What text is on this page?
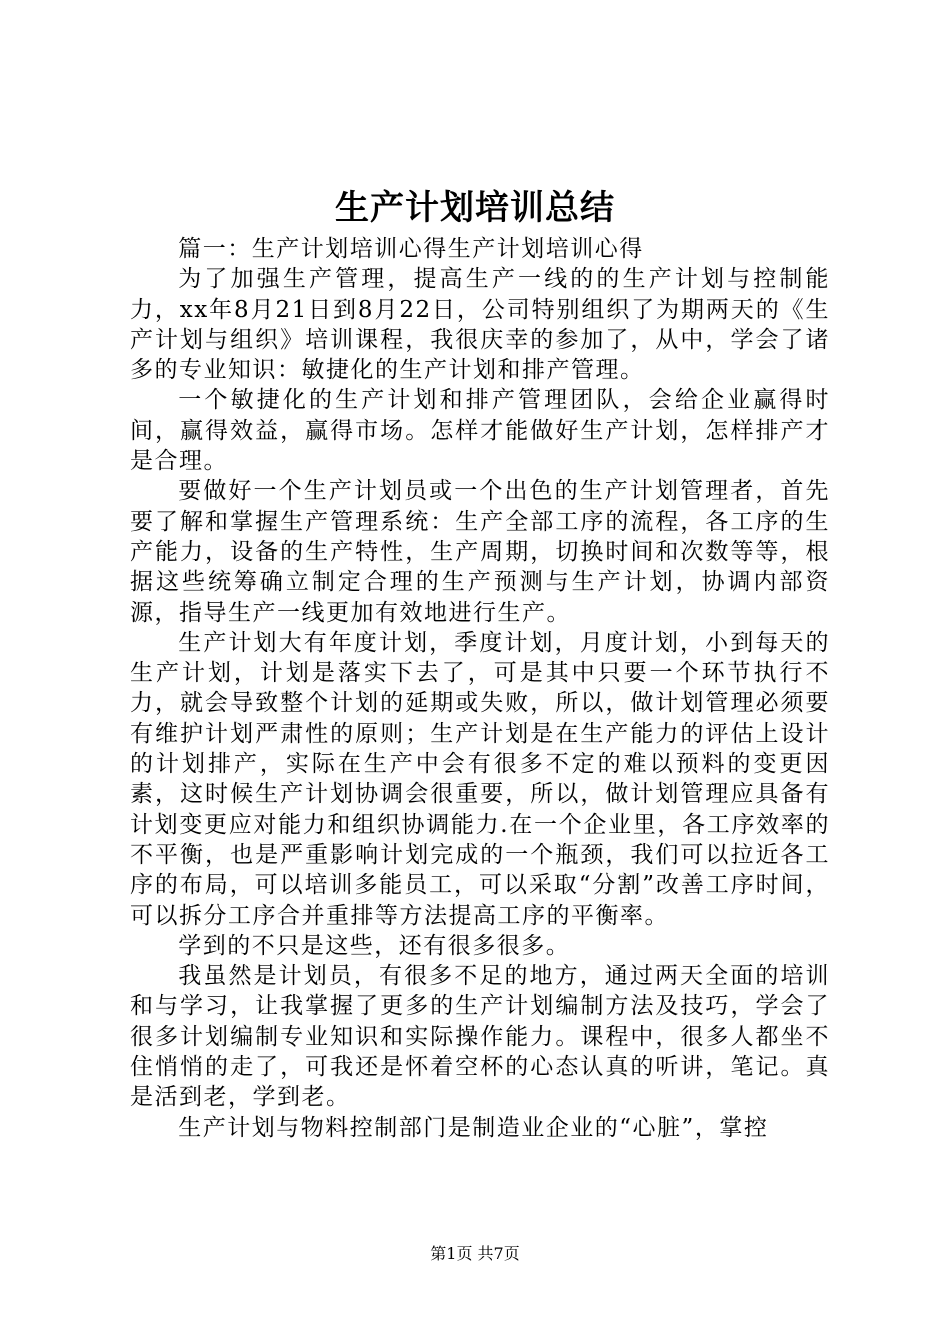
生产计划培训总结

篇一：生产计划培训心得生产计划培训心得

为了加强生产管理，提高生产一线的的生产计划与控制能力，xx年8月21日到8月22日，公司特别组织了为期两天的《生产计划与组织》培训课程，我很庆幸的参加了，从中，学会了诸多的专业知识：敏捷化的生产计划和排产管理。

一个敏捷化的生产计划和排产管理团队，会给企业赢得时间，赢得效益，赢得市场。怎样才能做好生产计划，怎样排产才是合理。

要做好一个生产计划员或一个出色的生产计划管理者，首先要了解和掌握生产管理系统：生产全部工序的流程，各工序的生产能力，设备的生产特性，生产周期，切换时间和次数等等，根据这些统筹确立制定合理的生产预测与生产计划，协调内部资源，指导生产一线更加有效地进行生产。

生产计划大有年度计划，季度计划，月度计划，小到每天的生产计划，计划是落实下去了，可是其中只要一个环节执行不力，就会导致整个计划的延期或失败，所以，做计划管理必须要有维护计划严肃性的原则；生产计划是在生产能力的评估上设计的计划排产，实际在生产中会有很多不定的难以预料的变更因素，这时候生产计划协调会很重要，所以，做计划管理应具备有计划变更应对能力和组织协调能力.在一个企业里，各工序效率的不平衡，也是严重影响计划完成的一个瓶颈，我们可以拉近各工序的布局，可以培训多能员工，可以采取“分割”改善工序时间，可以拆分工序合并重排等方法提高工序的平衡率。

学到的不只是这些，还有很多很多。

我虽然是计划员，有很多不足的地方，通过两天全面的培训和与学习，让我掌握了更多的生产计划编制方法及技巧，学会了很多计划编制专业知识和实际操作能力。课程中，很多人都坐不住悄悄的走了，可我还是怀着空杯的心态认真的听讲，笔记。真是活到老，学到老。

生产计划与物料控制部门是制造业企业的“心脏”，掌控

第1页 共7页
